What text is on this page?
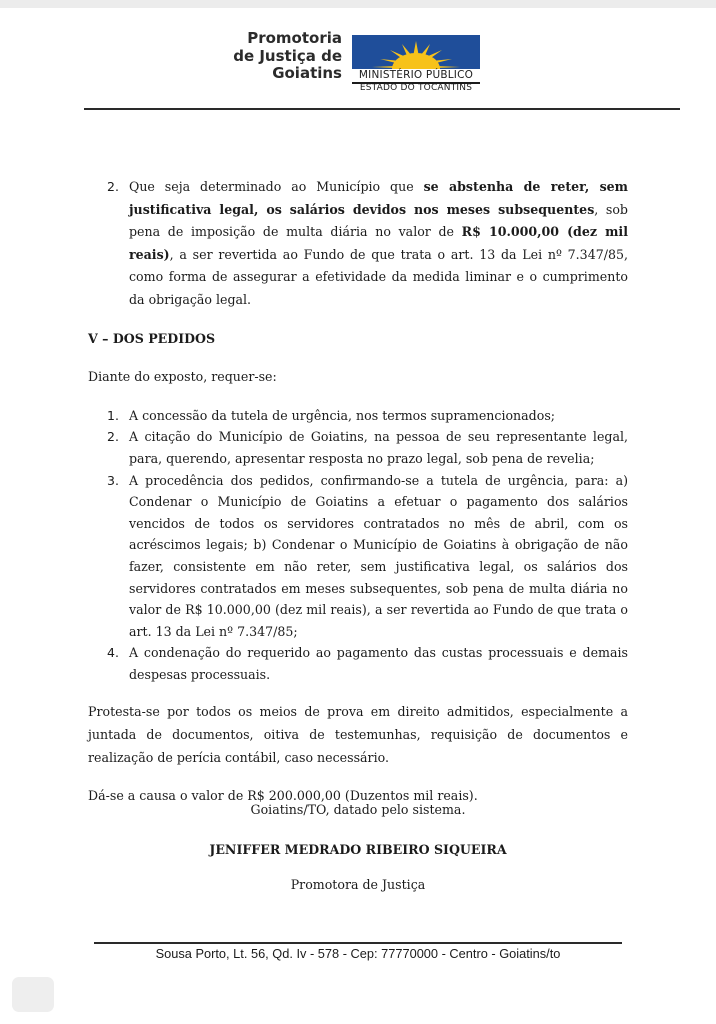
Promotoria
de Justiça de
Goiatins	MINISTÉRIO PÚBLICO
ESTADO DO TOCANTINS
2. Que seja determinado ao Município que se abstenha de reter, sem justificativa legal, os salários devidos nos meses subsequentes, sob pena de imposição de multa diária no valor de R$ 10.000,00 (dez mil reais), a ser revertida ao Fundo de que trata o art. 13 da Lei nº 7.347/85, como forma de assegurar a efetividade da medida liminar e o cumprimento da obrigação legal.

V – DOS PEDIDOS

Diante do exposto, requer-se:

1. A concessão da tutela de urgência, nos termos supramencionados;
2. A citação do Município de Goiatins, na pessoa de seu representante legal, para, querendo, apresentar resposta no prazo legal, sob pena de revelia;
3. A procedência dos pedidos, confirmando-se a tutela de urgência, para: a) Condenar o Município de Goiatins a efetuar o pagamento dos salários vencidos de todos os servidores contratados no mês de abril, com os acréscimos legais; b) Condenar o Município de Goiatins à obrigação de não fazer, consistente em não reter, sem justificativa legal, os salários dos servidores contratados em meses subsequentes, sob pena de multa diária no valor de R$ 10.000,00 (dez mil reais), a ser revertida ao Fundo de que trata o art. 13 da Lei nº 7.347/85;
4. A condenação do requerido ao pagamento das custas processuais e demais despesas processuais.

Protesta-se por todos os meios de prova em direito admitidos, especialmente a juntada de documentos, oitiva de testemunhas, requisição de documentos e realização de perícia contábil, caso necessário.

Dá-se a causa o valor de R$ 200.000,00 (Duzentos mil reais).

Goiatins/TO, datado pelo sistema.
JENIFFER MEDRADO RIBEIRO SIQUEIRA
Promotora de Justiça
Sousa Porto, Lt. 56, Qd. Iv - 578 - Cep: 77770000 - Centro - Goiatins/to
